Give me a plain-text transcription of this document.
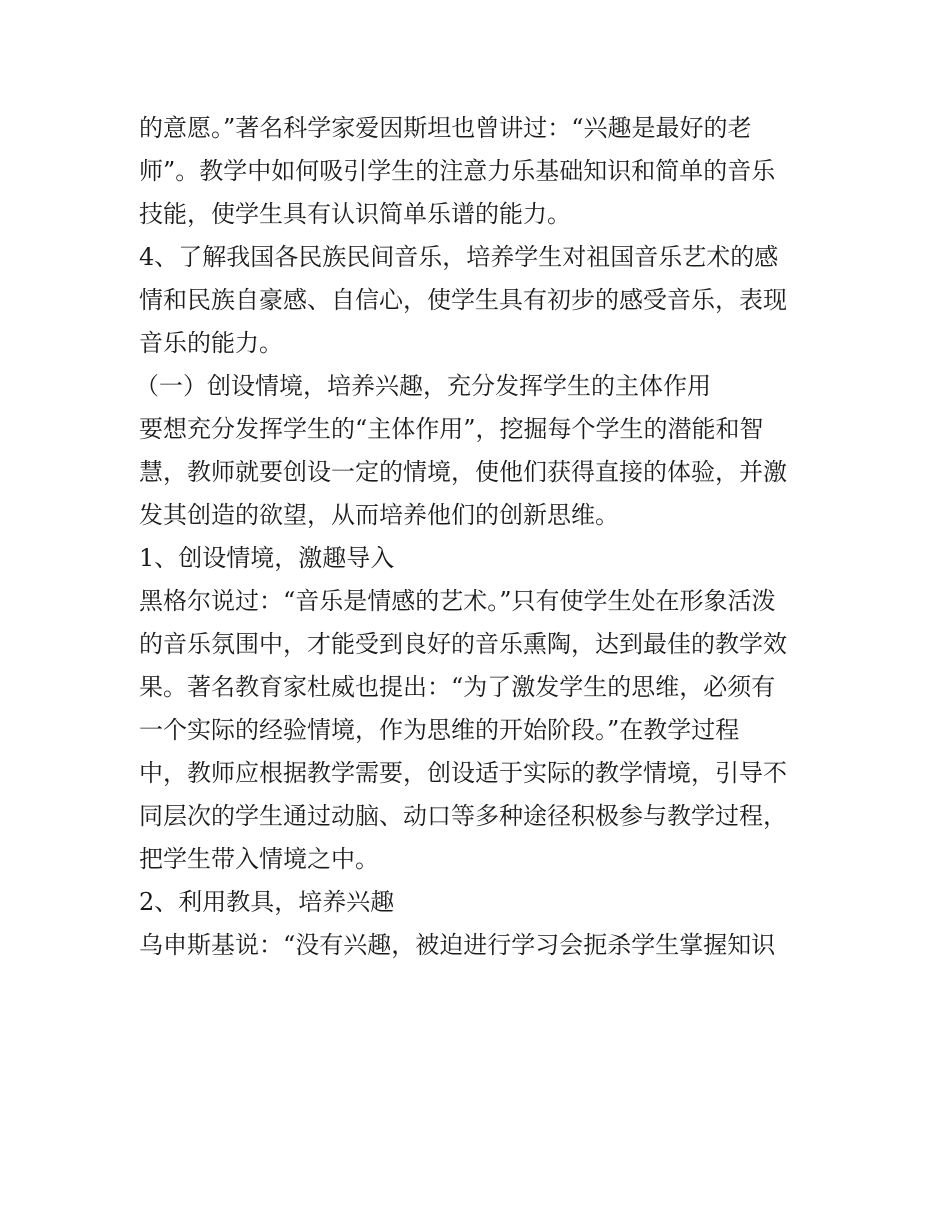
的意愿。”著名科学家爱因斯坦也曾讲过：“兴趣是最好的老
师”。教学中如何吸引学生的注意力乐基础知识和简单的音乐
技能，使学生具有认识简单乐谱的能力。
4、了解我国各民族民间音乐，培养学生对祖国音乐艺术的感
情和民族自豪感、自信心，使学生具有初步的感受音乐，表现
音乐的能力。
（一）创设情境，培养兴趣，充分发挥学生的主体作用
要想充分发挥学生的“主体作用”，挖掘每个学生的潜能和智
慧，教师就要创设一定的情境，使他们获得直接的体验，并激
发其创造的欲望，从而培养他们的创新思维。
1、创设情境，激趣导入
黑格尔说过：“音乐是情感的艺术。”只有使学生处在形象活泼
的音乐氛围中，才能受到良好的音乐熏陶，达到最佳的教学效
果。著名教育家杜威也提出：“为了激发学生的思维，必须有
一个实际的经验情境，作为思维的开始阶段。”在教学过程
中，教师应根据教学需要，创设适于实际的教学情境，引导不
同层次的学生通过动脑、动口等多种途径积极参与教学过程，
把学生带入情境之中。
2、利用教具，培养兴趣
乌申斯基说：“没有兴趣，被迫进行学习会扼杀学生掌握知识
